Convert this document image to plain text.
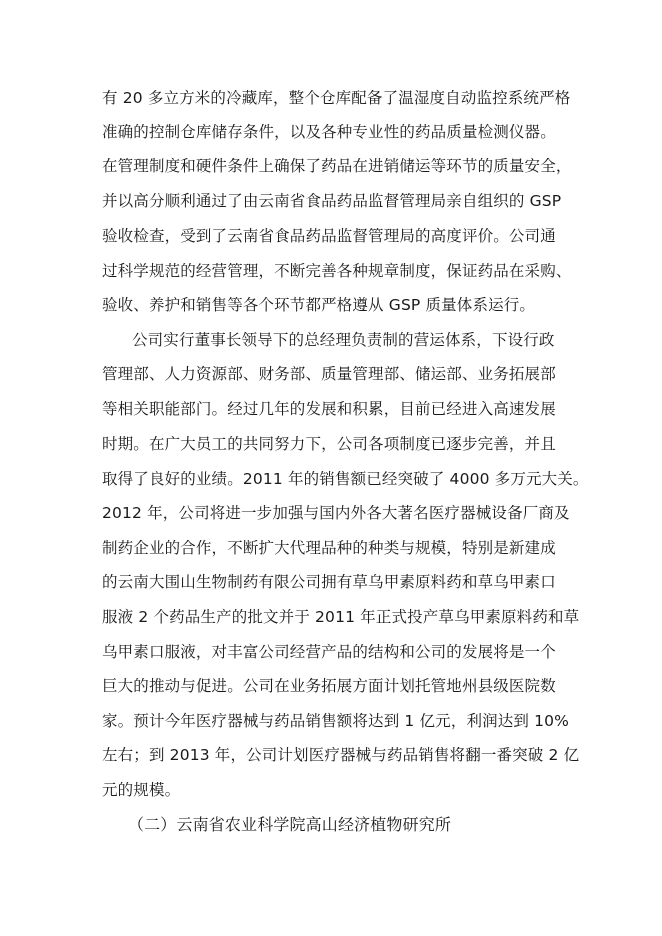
有 20 多立方米的冷藏库，整个仓库配备了温湿度自动监控系统严格
准确的控制仓库储存条件，以及各种专业性的药品质量检测仪器。
在管理制度和硬件条件上确保了药品在进销储运等环节的质量安全，
并以高分顺利通过了由云南省食品药品监督管理局亲自组织的 GSP
验收检查，受到了云南省食品药品监督管理局的高度评价。公司通
过科学规范的经营管理，不断完善各种规章制度，保证药品在采购、
验收、养护和销售等各个环节都严格遵从 GSP 质量体系运行。
公司实行董事长领导下的总经理负责制的营运体系，下设行政
管理部、人力资源部、财务部、质量管理部、储运部、业务拓展部
等相关职能部门。经过几年的发展和积累，目前已经进入高速发展
时期。在广大员工的共同努力下，公司各项制度已逐步完善，并且
取得了良好的业绩。2011 年的销售额已经突破了 4000 多万元大关。
2012 年，公司将进一步加强与国内外各大著名医疗器械设备厂商及
制药企业的合作，不断扩大代理品种的种类与规模，特别是新建成
的云南大围山生物制药有限公司拥有草乌甲素原料药和草乌甲素口
服液 2 个药品生产的批文并于 2011 年正式投产草乌甲素原料药和草
乌甲素口服液，对丰富公司经营产品的结构和公司的发展将是一个
巨大的推动与促进。公司在业务拓展方面计划托管地州县级医院数
家。预计今年医疗器械与药品销售额将达到 1 亿元，利润达到 10%
左右；到 2013 年，公司计划医疗器械与药品销售将翻一番突破 2 亿
元的规模。
（二）云南省农业科学院高山经济植物研究所
